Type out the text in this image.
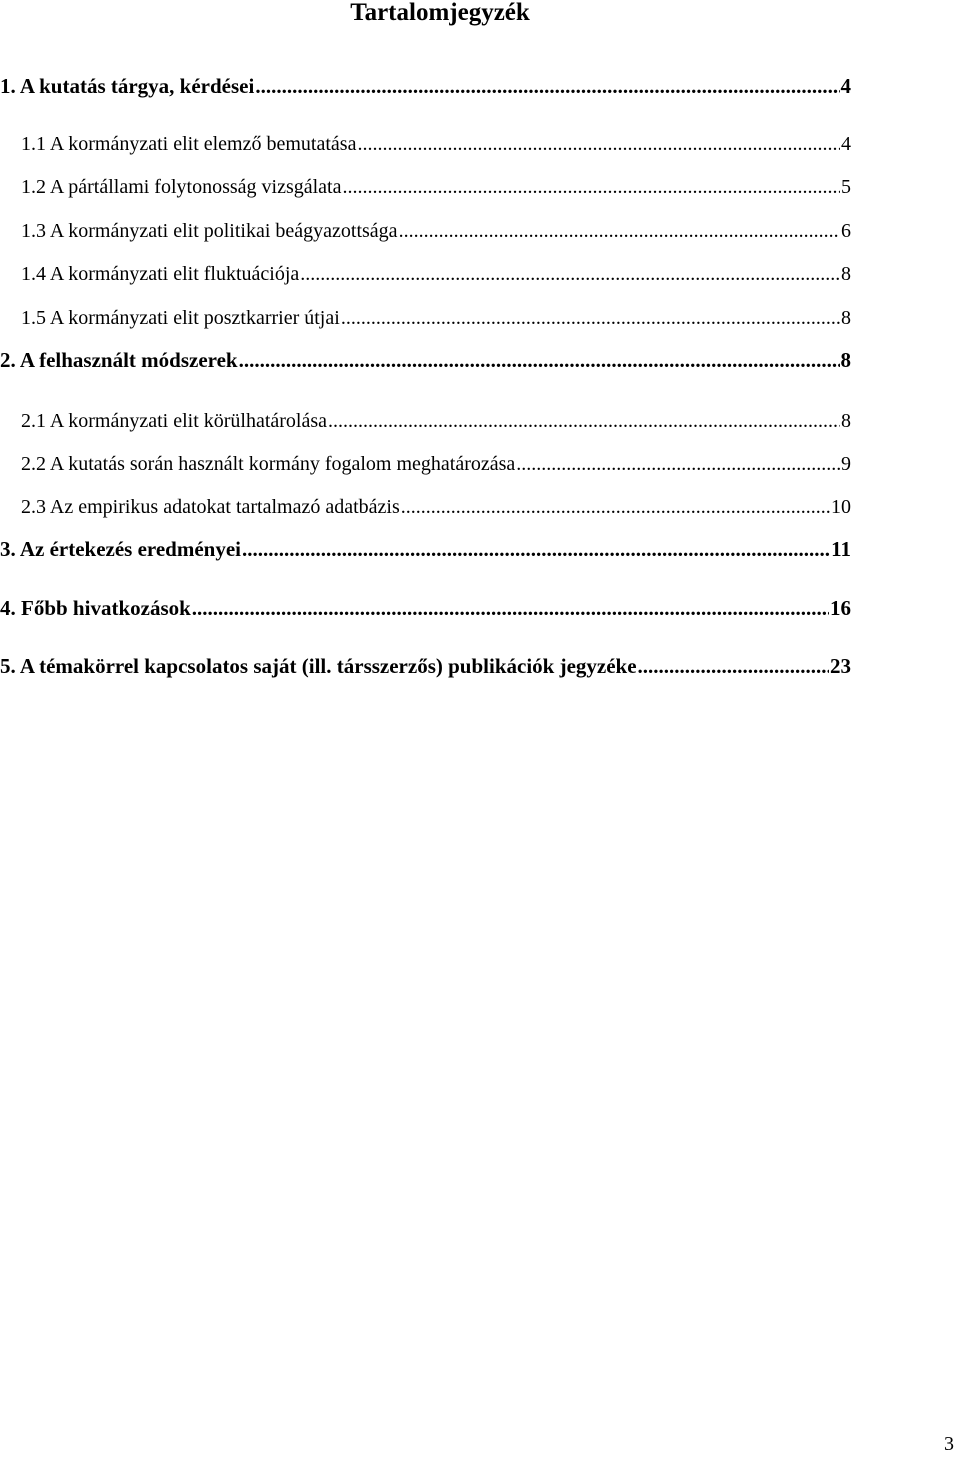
Tartalomjegyzék
1. A kutatás tárgya, kérdései .....	4
1.1 A kormányzati elit elemző bemutatása .....	4
1.2 A pártállami folytonosság vizsgálata .....	5
1.3 A kormányzati elit politikai beágyazottsága .....	6
1.4 A kormányzati elit fluktuációja .....	8
1.5 A kormányzati elit posztkarrier útjai .....	8
2. A felhasznált módszerek .....	8
2.1 A kormányzati elit körülhatárolása .....	8
2.2 A kutatás során használt kormány fogalom meghatározása .....	9
2.3 Az empirikus adatokat tartalmazó adatbázis .....	10
3. Az értekezés eredményei .....	11
4. Főbb hivatkozások .....	16
5. A témakörrel kapcsolatos saját (ill. társszerzős) publikációk jegyzéke .....	23
3
